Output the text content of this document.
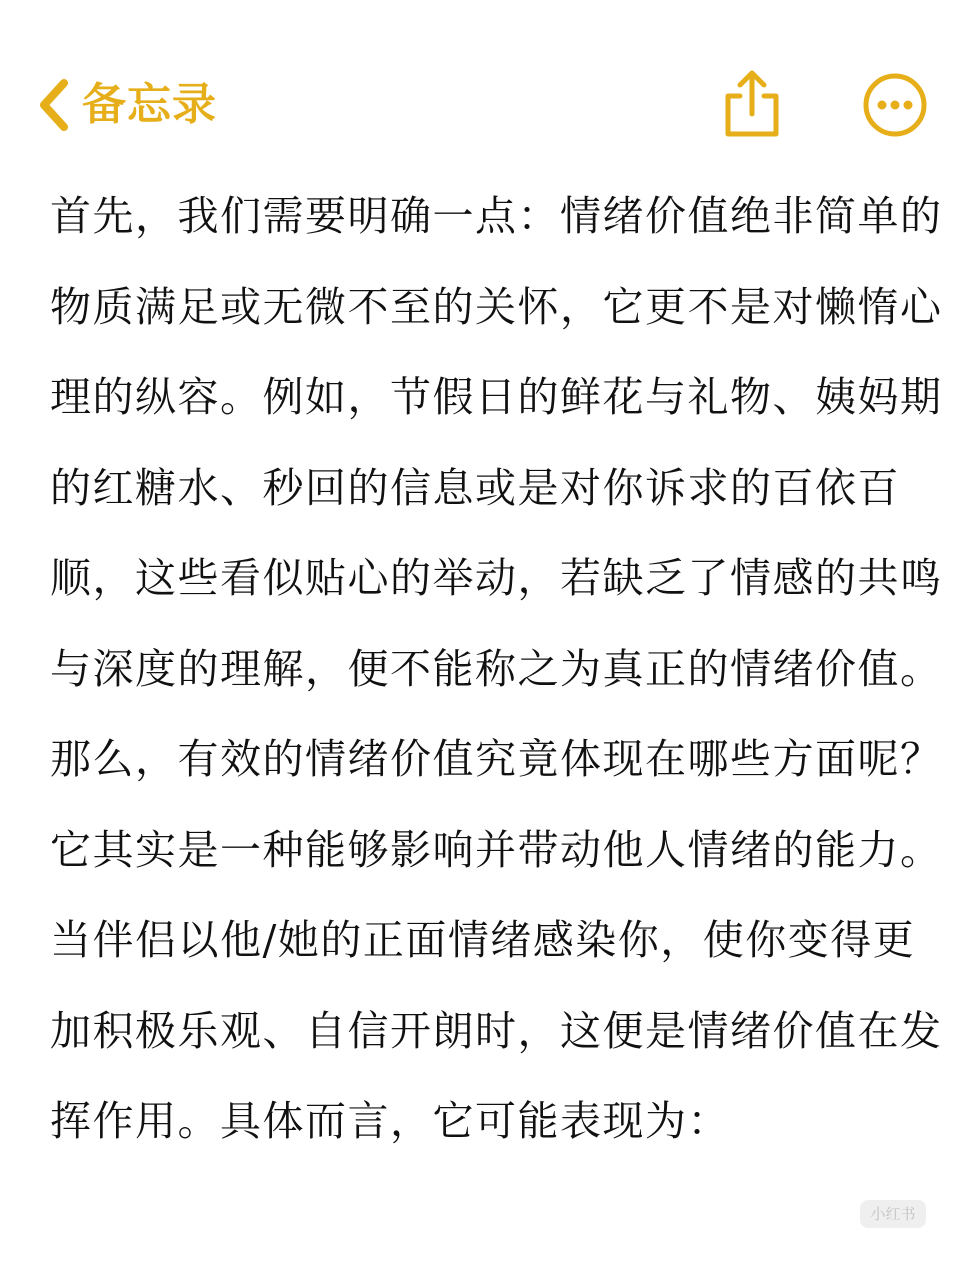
备忘录
首先，我们需要明确一点：情绪价值绝非简单的
物质满足或无微不至的关怀，它更不是对懒惰心
理的纵容。例如，节假日的鲜花与礼物、姨妈期
的红糖水、秒回的信息或是对你诉求的百依百
顺，这些看似贴心的举动，若缺乏了情感的共鸣
与深度的理解，便不能称之为真正的情绪价值。
那么，有效的情绪价值究竟体现在哪些方面呢？
它其实是一种能够影响并带动他人情绪的能力。
当伴侣以他/她的正面情绪感染你，使你变得更
加积极乐观、自信开朗时，这便是情绪价值在发
挥作用。具体而言，它可能表现为：
小红书
